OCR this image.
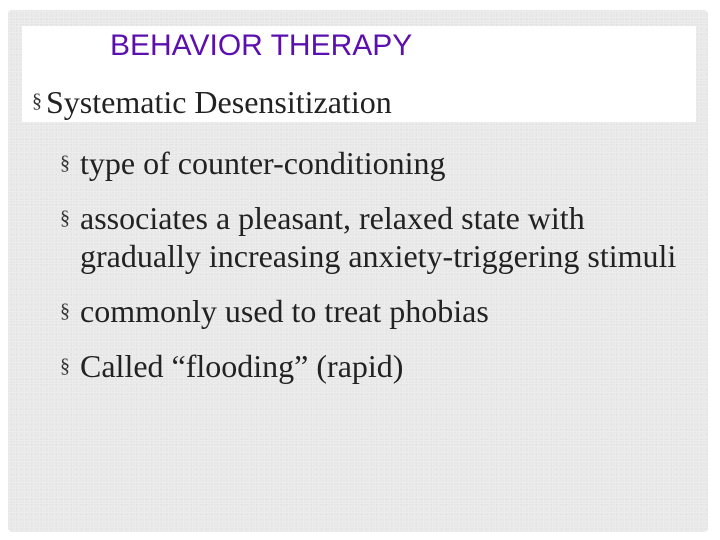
BEHAVIOR THERAPY
§ Systematic Desensitization
§ type of counter-conditioning
§ associates a pleasant, relaxed state with gradually increasing anxiety-triggering stimuli
§ commonly used to treat phobias
§ Called “flooding” (rapid)
